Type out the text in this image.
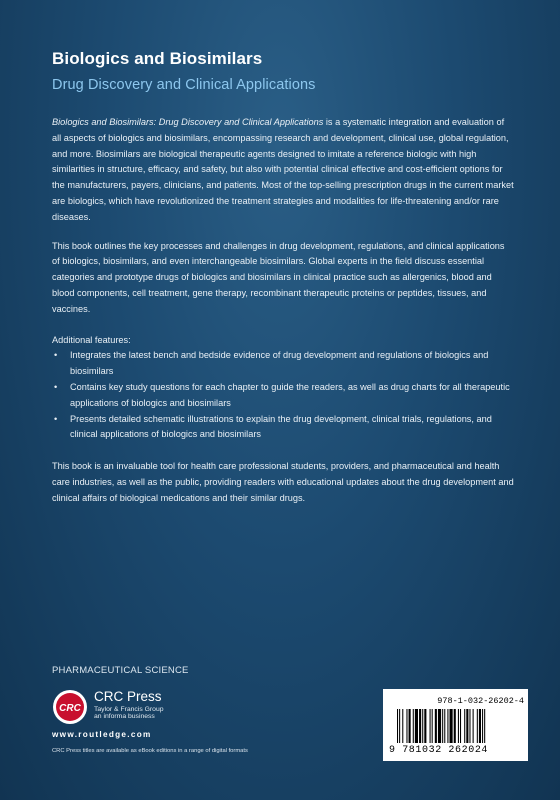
Biologics and Biosimilars
Drug Discovery and Clinical Applications

Biologics and Biosimilars: Drug Discovery and Clinical Applications is a systematic integration and evaluation of all aspects of biologics and biosimilars, encompassing research and development, clinical use, global regulation, and more. Biosimilars are biological therapeutic agents designed to imitate a reference biologic with high similarities in structure, efficacy, and safety, but also with potential clinical effective and cost-efficient options for the manufacturers, payers, clinicians, and patients. Most of the top-selling prescription drugs in the current market are biologics, which have revolutionized the treatment strategies and modalities for life-threatening and/or rare diseases.

This book outlines the key processes and challenges in drug development, regulations, and clinical applications of biologics, biosimilars, and even interchangeable biosimilars. Global experts in the field discuss essential categories and prototype drugs of biologics and biosimilars in clinical practice such as allergenics, blood and blood components, cell treatment, gene therapy, recombinant therapeutic proteins or peptides, tissues, and vaccines.

Additional features:

• Integrates the latest bench and bedside evidence of drug development and regulations of biologics and biosimilars
• Contains key study questions for each chapter to guide the readers, as well as drug charts for all therapeutic applications of biologics and biosimilars
• Presents detailed schematic illustrations to explain the drug development, clinical trials, regulations, and clinical applications of biologics and biosimilars

This book is an invaluable tool for health care professional students, providers, and pharmaceutical and health care industries, as well as the public, providing readers with educational updates about the drug development and clinical affairs of biological medications and their similar drugs.

PHARMACEUTICAL SCIENCE
CRC
CRC Press
Taylor & Francis Group
an informa business
www.routledge.com
CRC Press titles are available as eBook editions in a range of digital formats
978-1-032-26202-4
9 781032 262024
